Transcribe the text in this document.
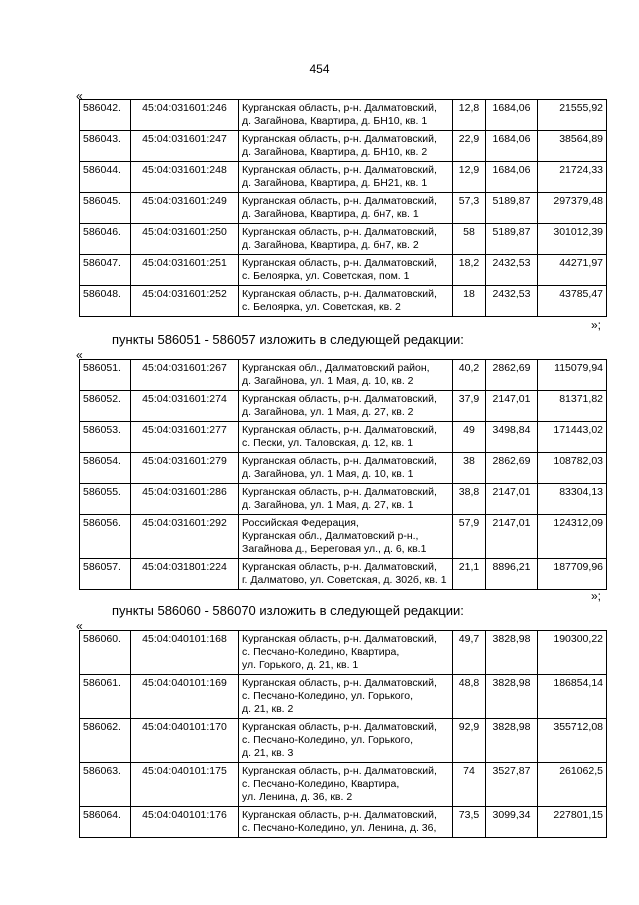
454
«
586042.	45:04:031601:246	Курганская область, р-н. Далматовский,
д. Загайнова, Квартира, д. БН10, кв. 1	12,8	1684,06	21555,92
586043.	45:04:031601:247	Курганская область, р-н. Далматовский,
д. Загайнова, Квартира, д. БН10, кв. 2	22,9	1684,06	38564,89
586044.	45:04:031601:248	Курганская область, р-н. Далматовский,
д. Загайнова, Квартира, д. БН21, кв. 1	12,9	1684,06	21724,33
586045.	45:04:031601:249	Курганская область, р-н. Далматовский,
д. Загайнова, Квартира, д. бн7, кв. 1	57,3	5189,87	297379,48
586046.	45:04:031601:250	Курганская область, р-н. Далматовский,
д. Загайнова, Квартира, д. бн7, кв. 2	58	5189,87	301012,39
586047.	45:04:031601:251	Курганская область, р-н. Далматовский,
с. Белоярка, ул. Советская, пом. 1	18,2	2432,53	44271,97
586048.	45:04:031601:252	Курганская область, р-н. Далматовский,
с. Белоярка, ул. Советская, кв. 2	18	2432,53	43785,47
»;
пункты 586051 - 586057 изложить в следующей редакции:
«
586051.	45:04:031601:267	Курганская обл., Далматовский район,
д. Загайнова, ул. 1 Мая, д. 10, кв. 2	40,2	2862,69	115079,94
586052.	45:04:031601:274	Курганская область, р-н. Далматовский,
д. Загайнова, ул. 1 Мая, д. 27, кв. 2	37,9	2147,01	81371,82
586053.	45:04:031601:277	Курганская область, р-н. Далматовский,
с. Пески, ул. Таловская, д. 12, кв. 1	49	3498,84	171443,02
586054.	45:04:031601:279	Курганская область, р-н. Далматовский,
д. Загайнова, ул. 1 Мая, д. 10, кв. 1	38	2862,69	108782,03
586055.	45:04:031601:286	Курганская область, р-н. Далматовский,
д. Загайнова, ул. 1 Мая, д. 27, кв. 1	38,8	2147,01	83304,13
586056.	45:04:031601:292	Российская Федерация,
Курганская обл., Далматовский р-н.,
Загайнова д., Береговая ул., д. 6, кв.1	57,9	2147,01	124312,09
586057.	45:04:031801:224	Курганская область, р-н. Далматовский,
г. Далматово, ул. Советская, д. 302б, кв. 1	21,1	8896,21	187709,96
»;
пункты 586060 - 586070 изложить в следующей редакции:
«
586060.	45:04:040101:168	Курганская область, р-н. Далматовский,
с. Песчано-Коледино, Квартира,
ул. Горького, д. 21, кв. 1	49,7	3828,98	190300,22
586061.	45:04:040101:169	Курганская область, р-н. Далматовский,
с. Песчано-Коледино, ул. Горького,
д. 21, кв. 2	48,8	3828,98	186854,14
586062.	45:04:040101:170	Курганская область, р-н. Далматовский,
с. Песчано-Коледино, ул. Горького,
д. 21, кв. 3	92,9	3828,98	355712,08
586063.	45:04:040101:175	Курганская область, р-н. Далматовский,
с. Песчано-Коледино, Квартира,
ул. Ленина, д. 36, кв. 2	74	3527,87	261062,5
586064.	45:04:040101:176	Курганская область, р-н. Далматовский,
с. Песчано-Коледино, ул. Ленина, д. 36,	73,5	3099,34	227801,15
